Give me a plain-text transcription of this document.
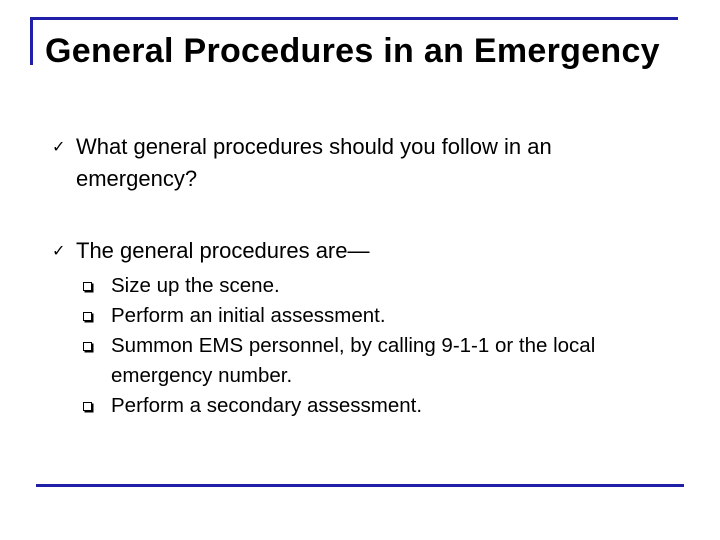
General Procedures in an Emergency
✓ What general procedures should you follow in an emergency?
✓ The general procedures are—
Size up the scene.
Perform an initial assessment.
Summon EMS personnel, by calling 9-1-1 or the local emergency number.
Perform a secondary assessment.
